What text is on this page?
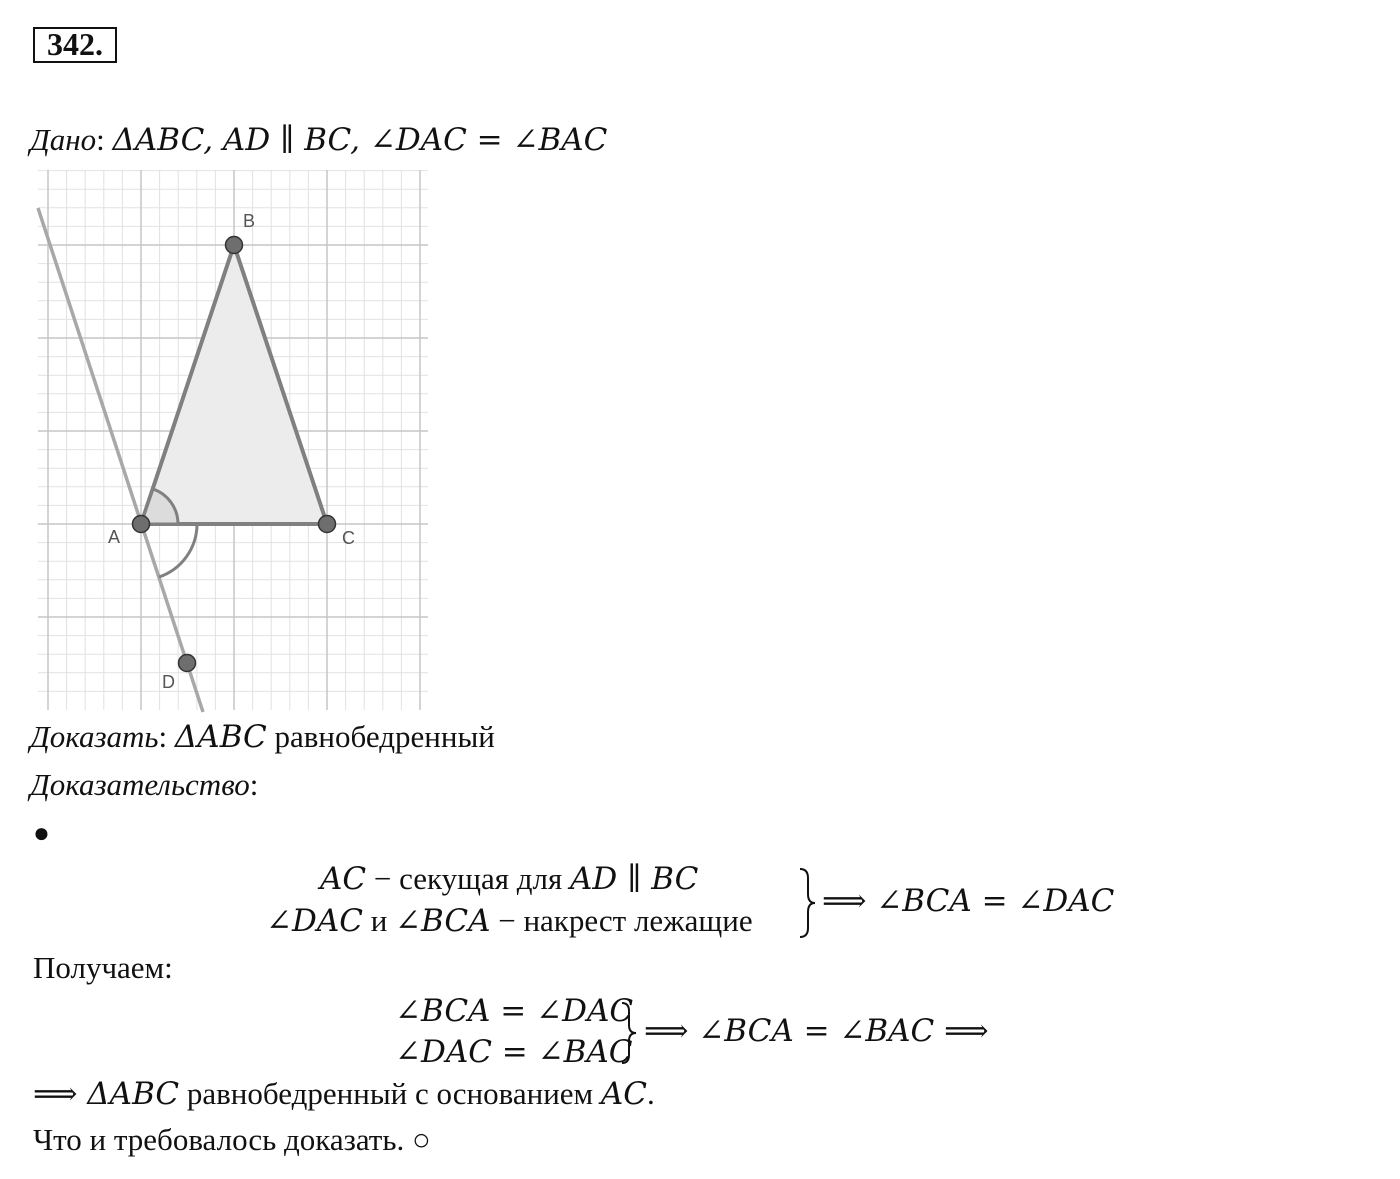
342.
Дано: ΔABC, AD ∥ BC, ∠DAC = ∠BAC
B
A	C
D
Доказать: ΔABC равнобедренный
Доказательство:
●
AC − секущая для AD ∥ BC
∠DAC и ∠BCA − накрест лежащие
⟹ ∠BCA = ∠DAC
Получаем:
∠BCA = ∠DAC
∠DAC = ∠BAC
⟹ ∠BCA = ∠BAC ⟹
⟹ ΔABC равнобедренный с основанием AC.
Что и требовалось доказать. ○
